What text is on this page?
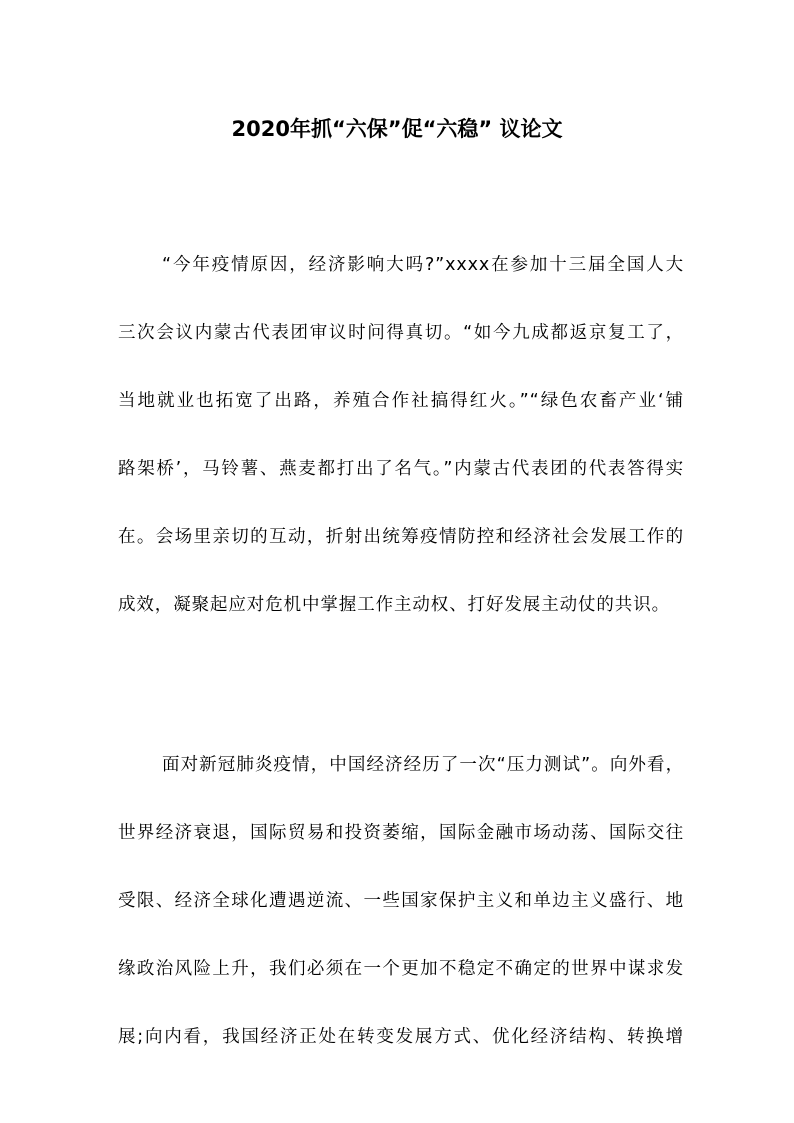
2020年抓“六保”促“六稳” 议论文
“今年疫情原因，经济影响大吗?”xxxx在参加十三届全国人大
三次会议内蒙古代表团审议时问得真切。“如今九成都返京复工了，
当地就业也拓宽了出路，养殖合作社搞得红火。”“绿色农畜产业‘铺
路架桥’，马铃薯、燕麦都打出了名气。”内蒙古代表团的代表答得实
在。会场里亲切的互动，折射出统筹疫情防控和经济社会发展工作的
成效，凝聚起应对危机中掌握工作主动权、打好发展主动仗的共识。
面对新冠肺炎疫情，中国经济经历了一次“压力测试”。向外看，
世界经济衰退，国际贸易和投资萎缩，国际金融市场动荡、国际交往
受限、经济全球化遭遇逆流、一些国家保护主义和单边主义盛行、地
缘政治风险上升，我们必须在一个更加不稳定不确定的世界中谋求发
展;向内看，我国经济正处在转变发展方式、优化经济结构、转换增
